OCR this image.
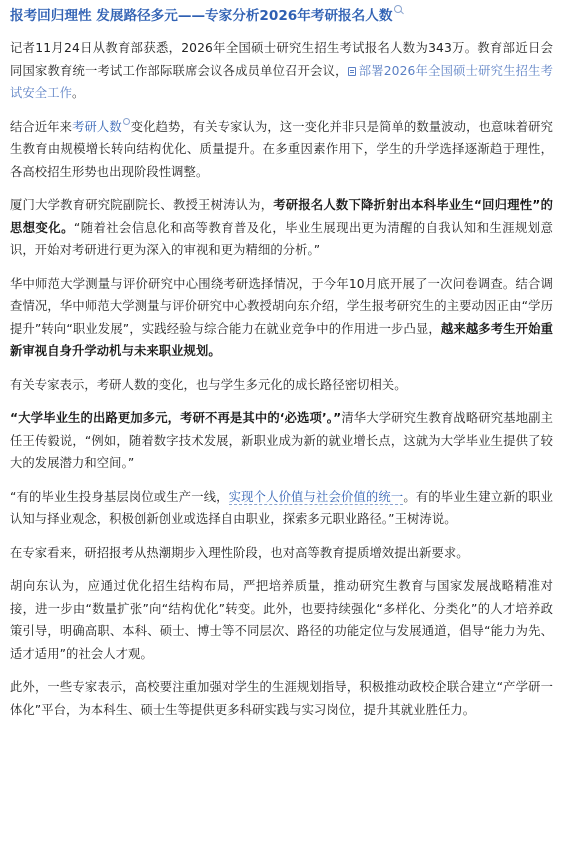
报考回归理性 发展路径多元——专家分析2026年考研报名人数

记者11月24日从教育部获悉，2026年全国硕士研究生招生考试报名人数为343万。教育部近日会同国家教育统一考试工作部际联席会议各成员单位召开会议， 部署2026年全国硕士研究生招生考试安全工作。

结合近年来考研人数 变化趋势，有关专家认为，这一变化并非只是简单的数量波动，也意味着研究生教育由规模增长转向结构优化、质量提升。在多重因素作用下，学生的升学选择逐渐趋于理性，各高校招生形势也出现阶段性调整。

厦门大学教育研究院副院长、教授王树涛认为，考研报名人数下降折射出本科毕业生“回归理性”的思想变化。“随着社会信息化和高等教育普及化，毕业生展现出更为清醒的自我认知和生涯规划意识，开始对考研进行更为深入的审视和更为精细的分析。”

华中师范大学测量与评价研究中心围绕考研选择情况，于今年10月底开展了一次问卷调查。结合调查情况，华中师范大学测量与评价研究中心教授胡向东介绍，学生报考研究生的主要动因正由“学历提升”转向“职业发展”，实践经验与综合能力在就业竞争中的作用进一步凸显，越来越多考生开始重新审视自身升学动机与未来职业规划。

有关专家表示，考研人数的变化，也与学生多元化的成长路径密切相关。

“大学毕业生的出路更加多元，考研不再是其中的‘必选项’。”清华大学研究生教育战略研究基地副主任王传毅说，“例如，随着数字技术发展，新职业成为新的就业增长点，这就为大学毕业生提供了较大的发展潜力和空间。”

“有的毕业生投身基层岗位或生产一线，实现个人价值与社会价值的统一。有的毕业生建立新的职业认知与择业观念，积极创新创业或选择自由职业，探索多元职业路径。”王树涛说。

在专家看来，研招报考从热潮期步入理性阶段，也对高等教育提质增效提出新要求。

胡向东认为，应通过优化招生结构布局，严把培养质量，推动研究生教育与国家发展战略精准对接，进一步由“数量扩张”向“结构优化”转变。此外，也要持续强化“多样化、分类化”的人才培养政策引导，明确高职、本科、硕士、博士等不同层次、路径的功能定位与发展通道，倡导“能力为先、适才适用”的社会人才观。

此外，一些专家表示，高校要注重加强对学生的生涯规划指导，积极推动政校企联合建立“产学研一体化”平台，为本科生、硕士生等提供更多科研实践与实习岗位，提升其就业胜任力。
